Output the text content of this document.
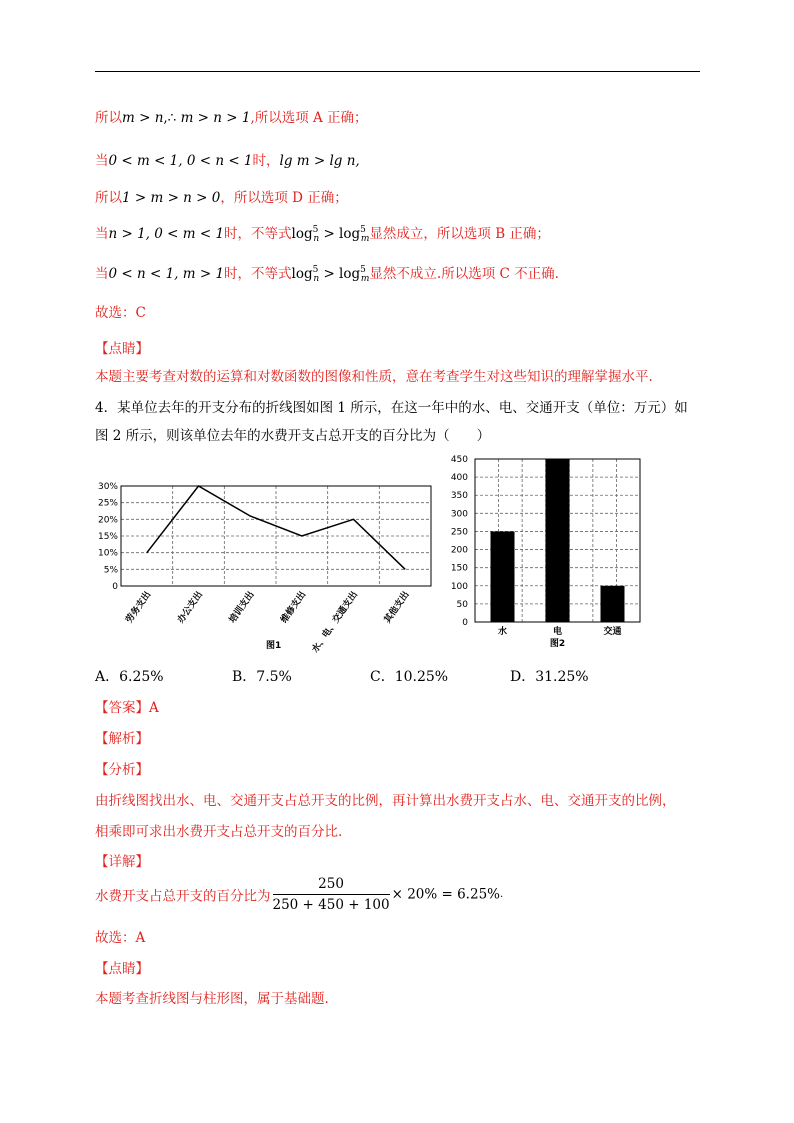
所以m > n,∴ m > n > 1,所以选项 A 正确；
当0 < m < 1, 0 < n < 1时，lg m > lg n,
所以1 > m > n > 0，所以选项 D 正确；
当n > 1, 0 < m < 1时，不等式$\log^5_n > \log^5_m$显然成立，所以选项 B 正确；
当0 < n < 1, m > 1时，不等式$\log^5_n > \log^5_m$显然不成立.所以选项 C 不正确.
故选：C
【点睛】
本题主要考查对数的运算和对数函数的图像和性质，意在考查学生对这些知识的理解掌握水平.
4．某单位去年的开支分布的折线图如图 1 所示，在这一年中的水、电、交通开支（单位：万元）如
图 2 所示，则该单位去年的水费开支占总开支的百分比为（　　）
30%
25%
20%
15%
10%
5%
0
劳务支出	办公支出	培训支出	维修支出 水、电、交通支出	其他支出
图1
450
400
350
300
250
200
150
100
50
0
水	电	交通
图2
A．6.25%	B．7.5%	C．10.25%	D．31.25%
【答案】A
【解析】
【分析】
由折线图找出水、电、交通开支占总开支的比例，再计算出水费开支占水、电、交通开支的比例，
相乘即可求出水费开支占总开支的百分比.
【详解】
水费开支占总开支的百分比为 $\frac{250}{250 + 450 + 100} \times 20\% = 6.25\%$.
故选：A
【点睛】
本题考查折线图与柱形图，属于基础题.
